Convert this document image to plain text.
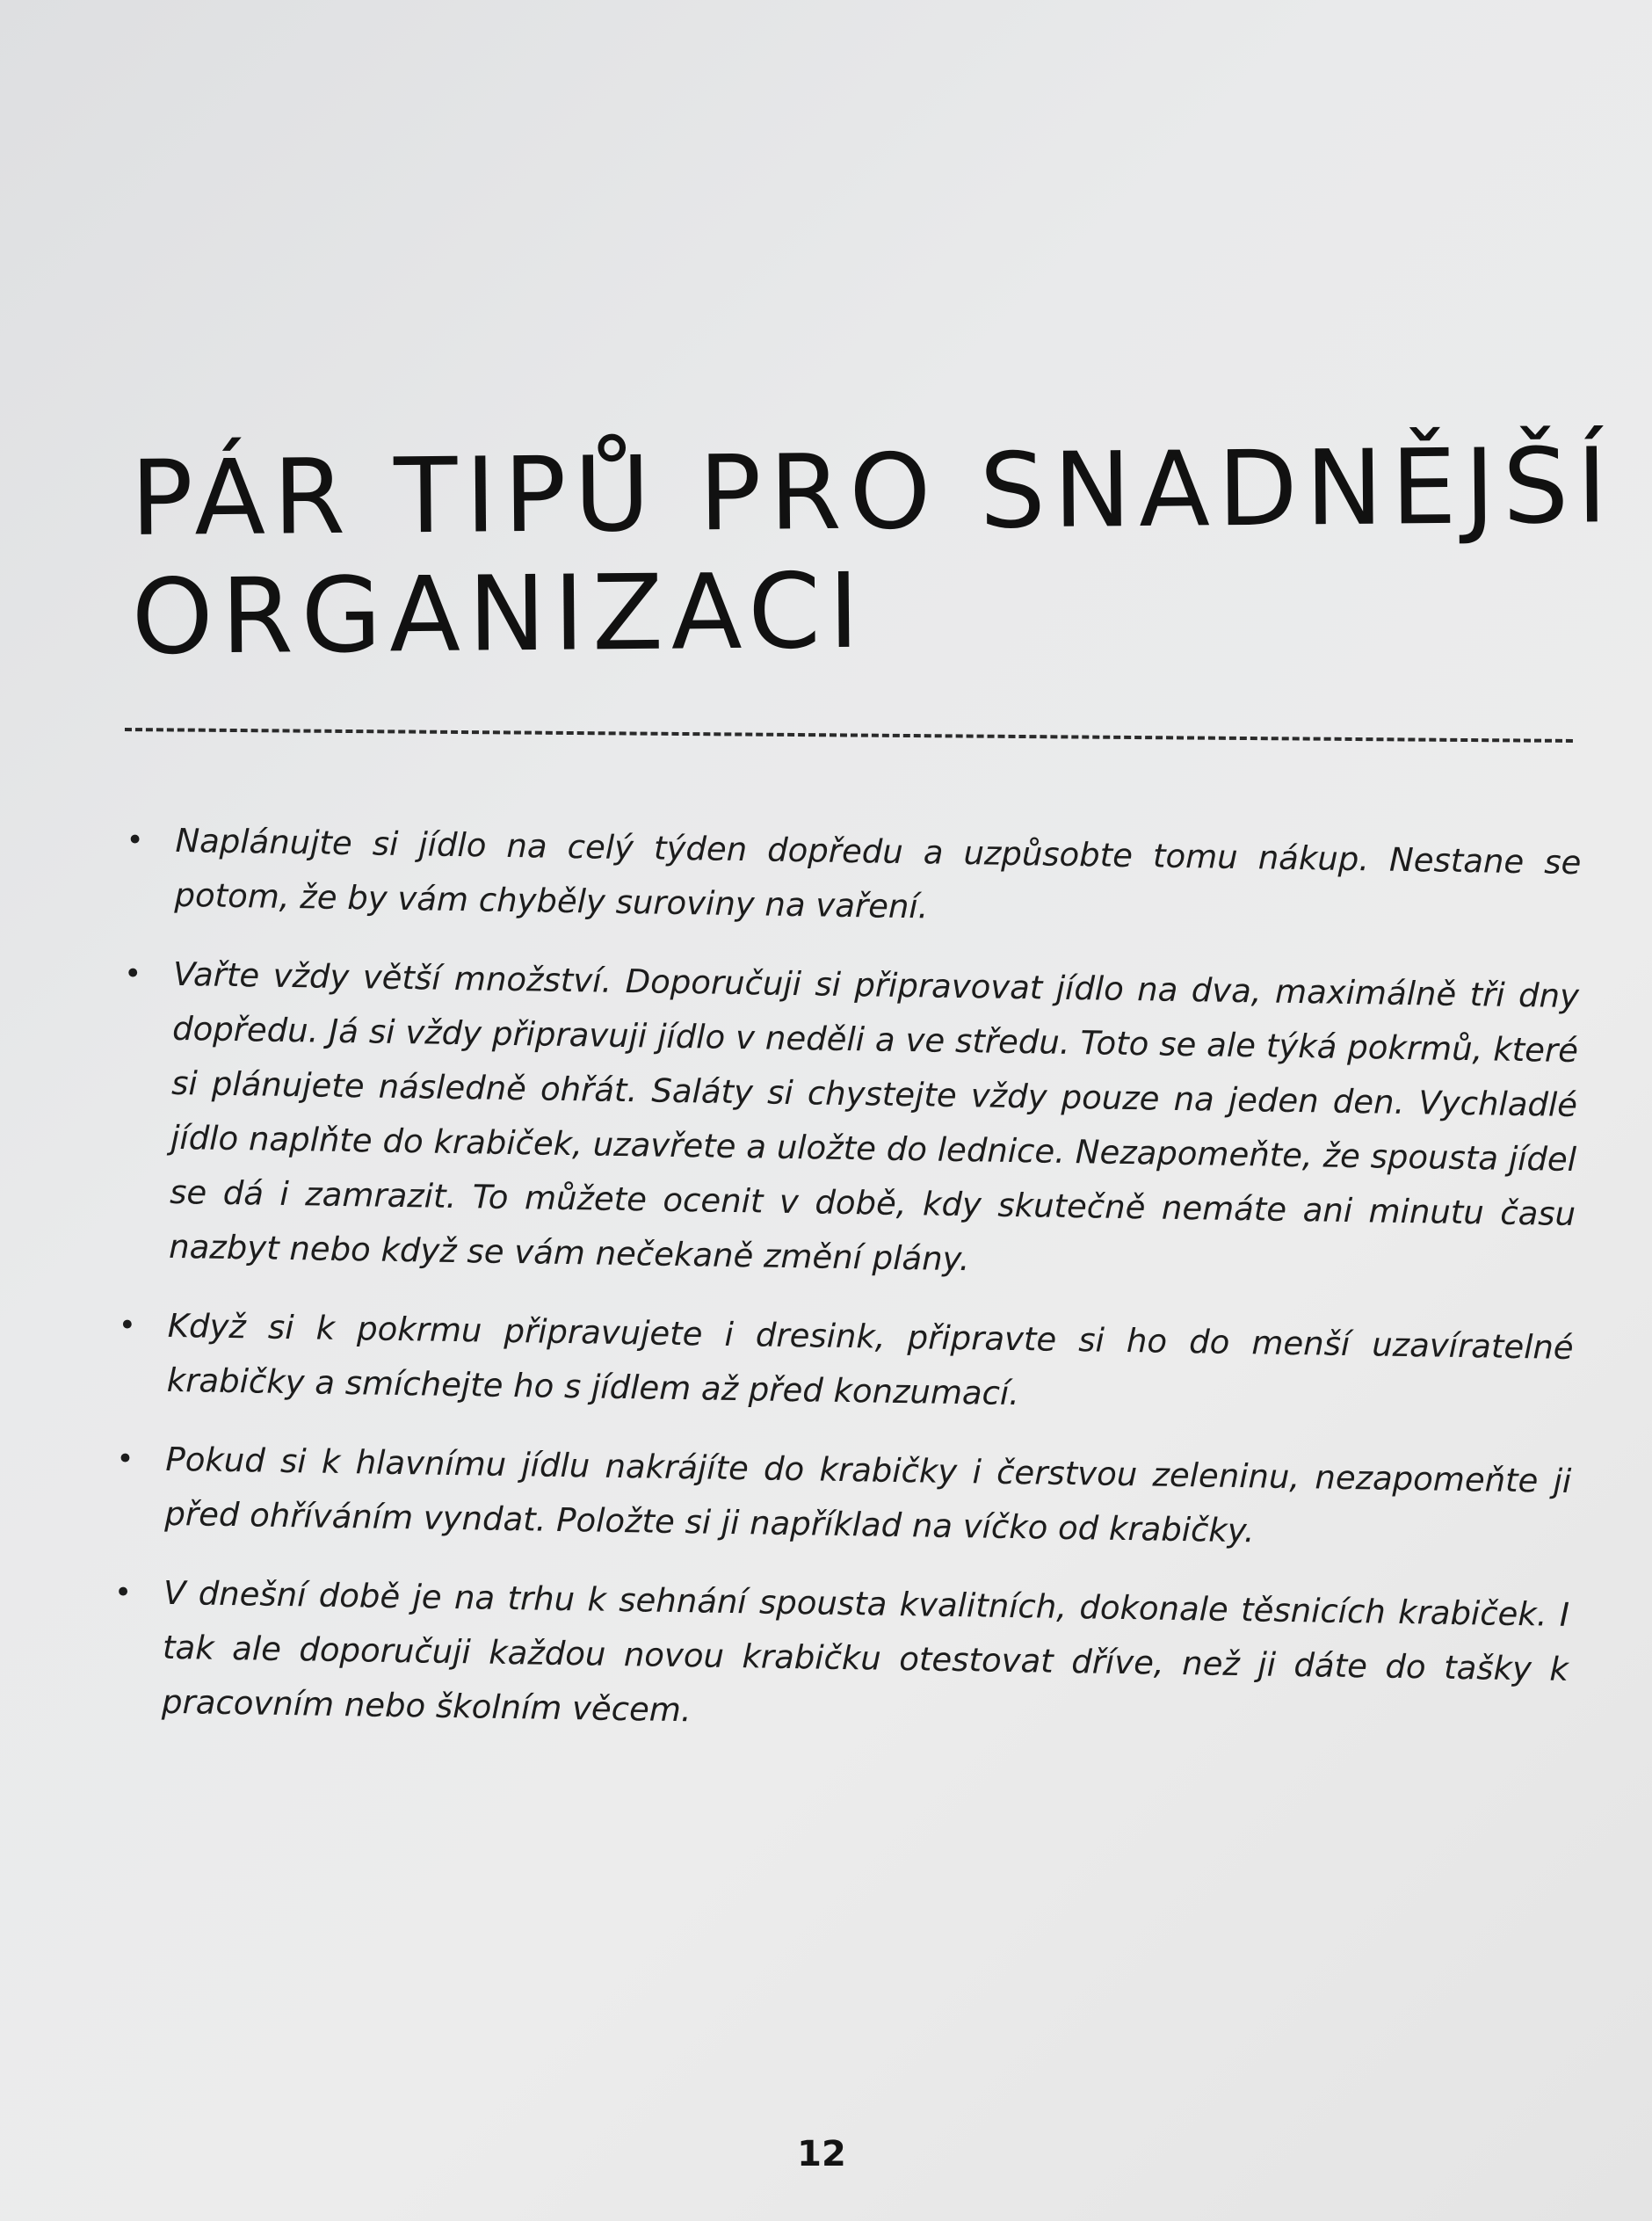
PÁR TIPŮ PRO SNADNĚJŠÍ
ORGANIZACI
• Naplánujte si jídlo na celý týden dopředu a uzpůsobte tomu nákup. Nestane se potom, že by vám chyběly suroviny na vaření.
• Vařte vždy větší množství. Doporučuji si připravovat jídlo na dva, maximálně tři dny dopředu. Já si vždy připravuji jídlo v neděli a ve středu. Toto se ale týká pokrmů, které si plánujete následně ohřát. Saláty si chystejte vždy pouze na jeden den. Vychladlé jídlo naplňte do krabiček, uzavřete a uložte do lednice. Nezapomeňte, že spousta jídel se dá i zamrazit. To můžete ocenit v době, kdy skutečně nemáte ani minutu času nazbyt nebo když se vám nečekaně změní plány.
• Když si k pokrmu připravujete i dresink, připravte si ho do menší uzavíratelné krabičky a smíchejte ho s jídlem až před konzumací.
• Pokud si k hlavnímu jídlu nakrájíte do krabičky i čerstvou zeleninu, nezapomeňte ji před ohříváním vyndat. Položte si ji například na víčko od krabičky.
• V dnešní době je na trhu k sehnání spousta kvalitních, dokonale těsnicích krabiček. I tak ale doporučuji každou novou krabičku otestovat dříve, než ji dáte do tašky k pracovním nebo školním věcem.
12
